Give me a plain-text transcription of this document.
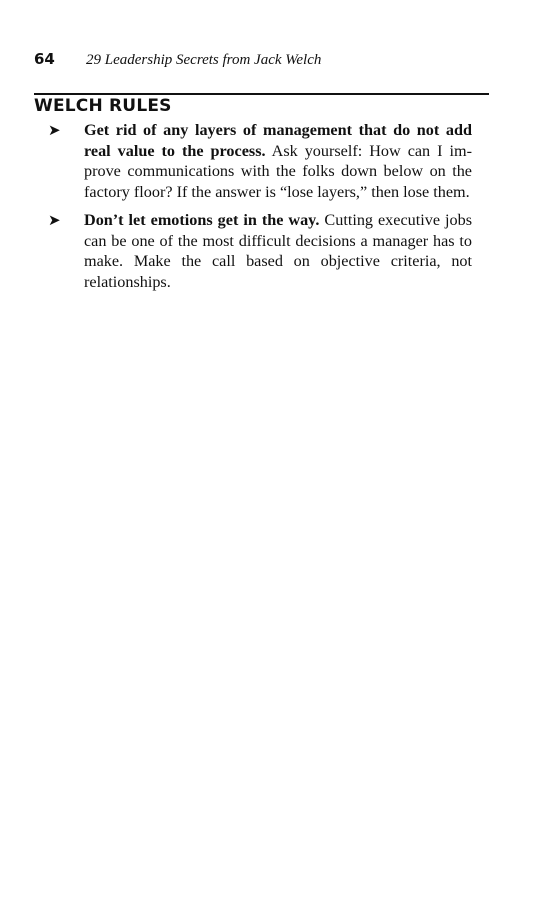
64	29 Leadership Secrets from Jack Welch
WELCH RULES
➤	Get rid of any layers of management that do not add real value to the process. Ask yourself: How can I improve communications with the folks down below on the factory floor? If the answer is “lose layers,” then lose them.
➤	Don’t let emotions get in the way. Cutting executive jobs can be one of the most difficult decisions a manager has to make. Make the call based on objective criteria, not relationships.
